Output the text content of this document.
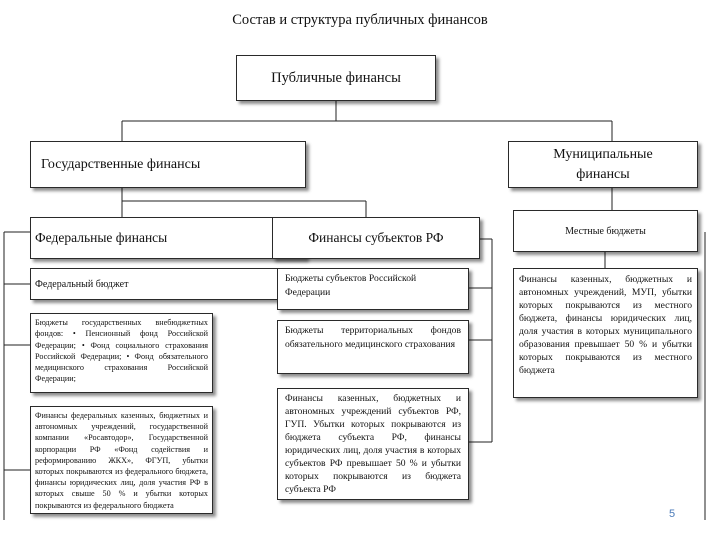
Состав и структура публичных финансов
Публичные финансы
Государственные финансы
Муниципальные финансы
Федеральные финансы	Финансы субъектов РФ	Местные бюджеты
Федеральный бюджет
Бюджеты государственных внебюджетных фондов: • Пенсионный фонд Российской Федерации; • Фонд социального страхования Российской Федерации; • Фонд обязательного медицинского страхования Российской Федерации;
Финансы федеральных казенных, бюджетных и автономных учреждений, государственной компании «Росавтодор», Государственной корпорации РФ «Фонд содействия и реформированию ЖКХ», ФГУП, убытки которых покрываются из федерального бюджета, финансы юридических лиц, доля участия РФ в которых свыше 50 % и убытки которых покрываются из федерального бюджета
Бюджеты субъектов Российской Федерации
Бюджеты территориальных фондов обязательного медицинского страхования
Финансы казенных, бюджетных и автономных учреждений субъектов РФ, ГУП. Убытки которых покрываются из бюджета субъекта РФ, финансы юридических лиц, доля участия в которых субъектов РФ превышает 50 % и убытки которых покрываются из бюджета субъекта РФ
Финансы казенных, бюджетных и автономных учреждений, МУП, убытки которых покрываются из местного бюджета, финансы юридических лиц, доля участия в которых муниципального образования превышает 50 % и убытки которых покрываются из местного бюджета
5
